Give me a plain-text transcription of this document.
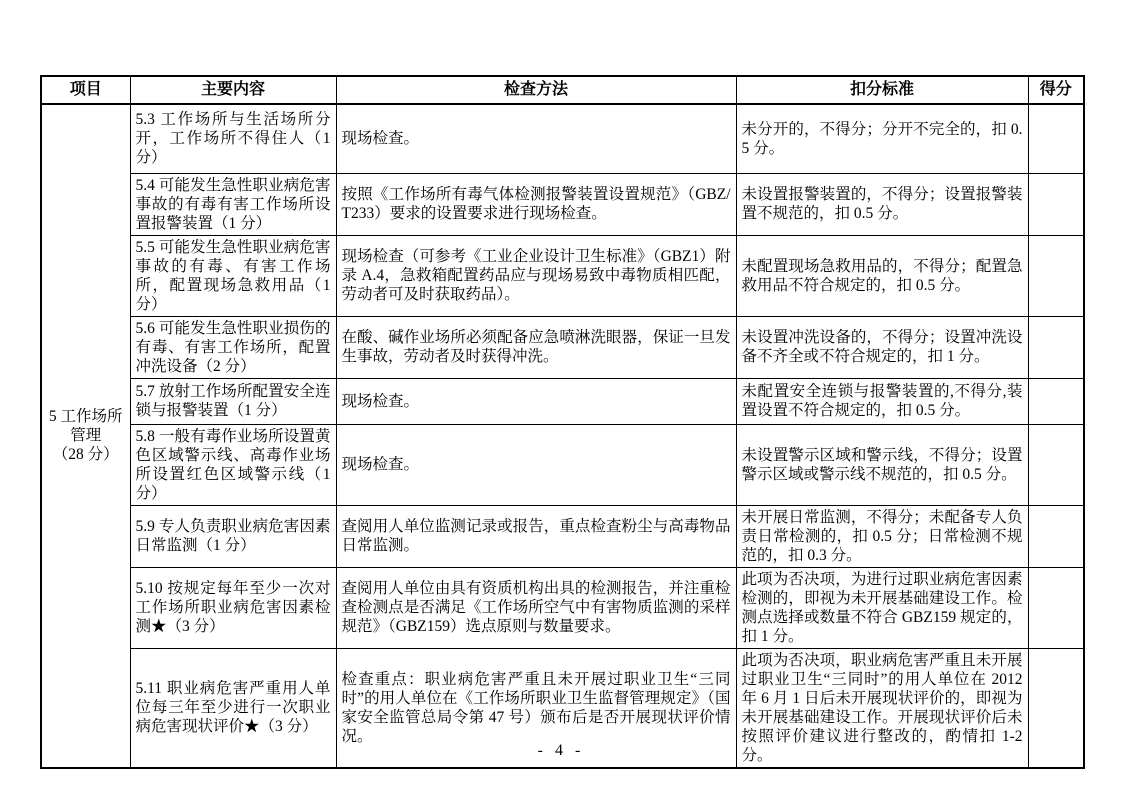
项目	主要内容	检查方法	扣分标准	得分

5 工作场所
管理
（28 分）	5.3 工作场所与生活场所分开，工作场所不得住人（1 分）	现场检查。	未分开的，不得分；分开不完全的，扣 0.5 分。	
	5.4 可能发生急性职业病危害事故的有毒有害工作场所设置报警装置（1 分）	按照《工作场所有毒气体检测报警装置设置规范》（GBZ/T233）要求的设置要求进行现场检查。	未设置报警装置的，不得分；设置报警装置不规范的，扣 0.5 分。	
	5.5 可能发生急性职业病危害事故的有毒、有害工作场所，配置现场急救用品（1 分）	现场检查（可参考《工业企业设计卫生标准》（GBZ1）附录 A.4，急救箱配置药品应与现场易致中毒物质相匹配，劳动者可及时获取药品）。	未配置现场急救用品的，不得分；配置急救用品不符合规定的，扣 0.5 分。	
	5.6 可能发生急性职业损伤的有毒、有害工作场所，配置冲洗设备（2 分）	在酸、碱作业场所必须配备应急喷淋洗眼器，保证一旦发生事故，劳动者及时获得冲洗。	未设置冲洗设备的，不得分；设置冲洗设备不齐全或不符合规定的，扣 1 分。	
	5.7 放射工作场所配置安全连锁与报警装置（1 分）	现场检查。	未配置安全连锁与报警装置的,不得分,装置设置不符合规定的，扣 0.5 分。	
	5.8 一般有毒作业场所设置黄色区域警示线、高毒作业场所设置红色区域警示线（1 分）	现场检查。	未设置警示区域和警示线，不得分；设置警示区域或警示线不规范的，扣 0.5 分。	
	5.9 专人负责职业病危害因素日常监测（1 分）	查阅用人单位监测记录或报告，重点检查粉尘与高毒物品日常监测。	未开展日常监测，不得分；未配备专人负责日常检测的，扣 0.5 分；日常检测不规范的，扣 0.3 分。	
	5.10 按规定每年至少一次对工作场所职业病危害因素检测★（3 分）	查阅用人单位由具有资质机构出具的检测报告，并注重检查检测点是否满足《工作场所空气中有害物质监测的采样规范》（GBZ159）选点原则与数量要求。	此项为否决项，为进行过职业病危害因素检测的，即视为未开展基础建设工作。检测点选择或数量不符合 GBZ159 规定的，扣 1 分。	
	5.11 职业病危害严重用人单位每三年至少进行一次职业病危害现状评价★（3 分）	检查重点：职业病危害严重且未开展过职业卫生“三同时”的用人单位在《工作场所职业卫生监督管理规定》（国家安全监管总局令第 47 号）颁布后是否开展现状评价情况。	此项为否决项，职业病危害严重且未开展过职业卫生“三同时”的用人单位在 2012 年 6 月 1 日后未开展现状评价的，即视为未开展基础建设工作。开展现状评价后未按照评价建议进行整改的，酌情扣 1-2 分。	
- 4 -
